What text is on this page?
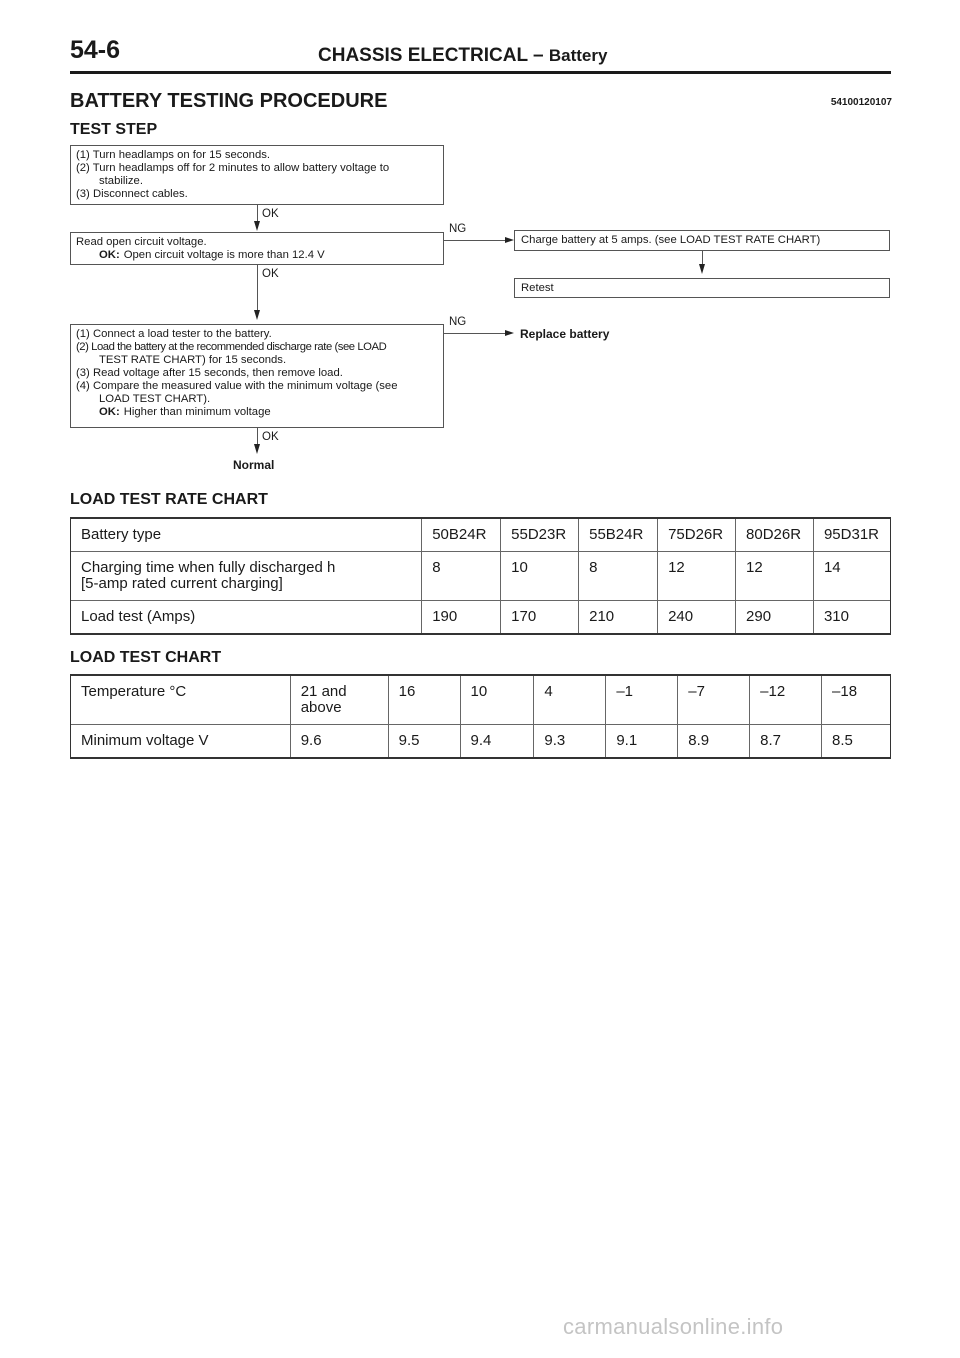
54-6	CHASSIS ELECTRICAL – Battery
BATTERY TESTING PROCEDURE	54100120107
TEST STEP
(1) Turn headlamps on for 15 seconds.
(2) Turn headlamps off for 2 minutes to allow battery voltage to
stabilize.
(3) Disconnect cables.
OK
Read open circuit voltage.
OK: Open circuit voltage is more than 12.4 V
NG
Charge battery at 5 amps. (see LOAD TEST RATE CHART)
Retest
OK
(1) Connect a load tester to the battery.
(2) Load the battery at the recommended discharge rate (see LOAD
TEST RATE CHART) for 15 seconds.
(3) Read voltage after 15 seconds, then remove load.
(4) Compare the measured value with the minimum voltage (see
LOAD TEST CHART).
OK: Higher than minimum voltage
NG
Replace battery
OK
Normal
LOAD TEST RATE CHART
Battery type	50B24R	55D23R	55B24R	75D26R	80D26R	95D31R

Charging time when fully discharged h
[5-amp rated current charging]	8	10	8	12	12	14

Load test (Amps)	190	170	210	240	290	310
LOAD TEST CHART
Temperature °C	21 and
above	16	10	4	–1	–7	–12	–18

Minimum voltage V	9.6	9.5	9.4	9.3	9.1	8.9	8.7	8.5
carmanualsonline.info
